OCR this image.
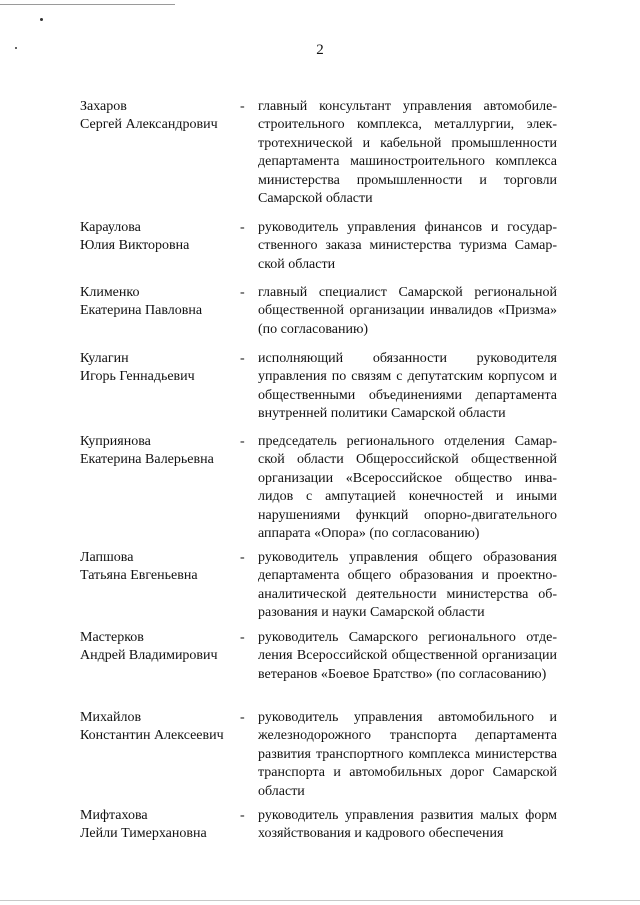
2
Захаров
Сергей Александрович
- главный консультант управления автомобилестроительного комплекса, металлургии, электротехнической и кабельной промышленности департамента машиностроительного комплекса министерства промышленности и торговли Самарской области
Караулова
Юлия Викторовна
- руководитель управления финансов и государственного заказа министерства туризма Самарской области
Клименко
Екатерина Павловна
- главный специалист Самарской региональной общественной организации инвалидов «Призма» (по согласованию)
Кулагин
Игорь Геннадьевич
- исполняющий обязанности руководителя управления по связям с депутатским корпусом и общественными объединениями департамента внутренней политики Самарской области
Куприянова
Екатерина Валерьевна
- председатель регионального отделения Самарской области Общероссийской общественной организации «Всероссийское общество инвалидов с ампутацией конечностей и иными нарушениями функций опорно-двигательного аппарата «Опора» (по согласованию)
Лапшова
Татьяна Евгеньевна
- руководитель управления общего образования департамента общего образования и проектно-аналитической деятельности министерства образования и науки Самарской области
Мастерков
Андрей Владимирович
- руководитель Самарского регионального отделения Всероссийской общественной организации ветеранов «Боевое Братство» (по согласованию)
Михайлов
Константин Алексеевич
- руководитель управления автомобильного и железнодорожного транспорта департамента развития транспортного комплекса министерства транспорта и автомобильных дорог Самарской области
Мифтахова
Лейли Тимерхановна
- руководитель управления развития малых форм хозяйствования и кадрового обеспечения
